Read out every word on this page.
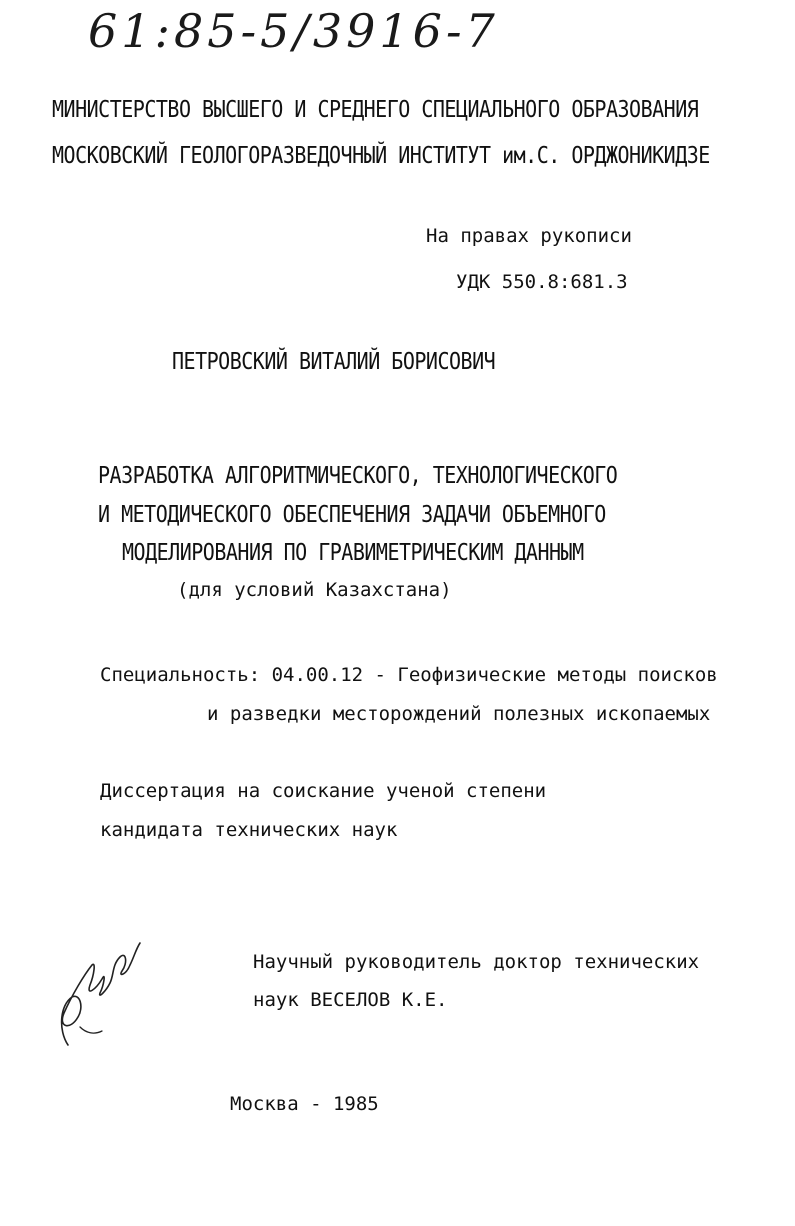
61:85-5/3916-7
МИНИСТЕРСТВО ВЫСШЕГО И СРЕДНЕГО СПЕЦИАЛЬНОГО ОБРАЗОВАНИЯ
МОСКОВСКИЙ ГЕОЛОГОРАЗВЕДОЧНЫЙ ИНСТИТУТ им.С. ОРДЖОНИКИДЗЕ
На правах рукописи
УДК 550.8:681.3
ПЕТРОВСКИЙ ВИТАЛИЙ БОРИСОВИЧ
РАЗРАБОТКА АЛГОРИТМИЧЕСКОГО, ТЕХНОЛОГИЧЕСКОГО
И МЕТОДИЧЕСКОГО ОБЕСПЕЧЕНИЯ ЗАДАЧИ ОБЪЕМНОГО
МОДЕЛИРОВАНИЯ ПО ГРАВИМЕТРИЧЕСКИМ ДАННЫМ
(для условий Казахстана)
Специальность: 04.00.12 - Геофизические методы поисков
и разведки месторождений полезных ископаемых
Диссертация на соискание ученой степени
кандидата технических наук
Научный руководитель доктор технических
наук ВЕСЕЛОВ К.Е.
Москва - 1985
